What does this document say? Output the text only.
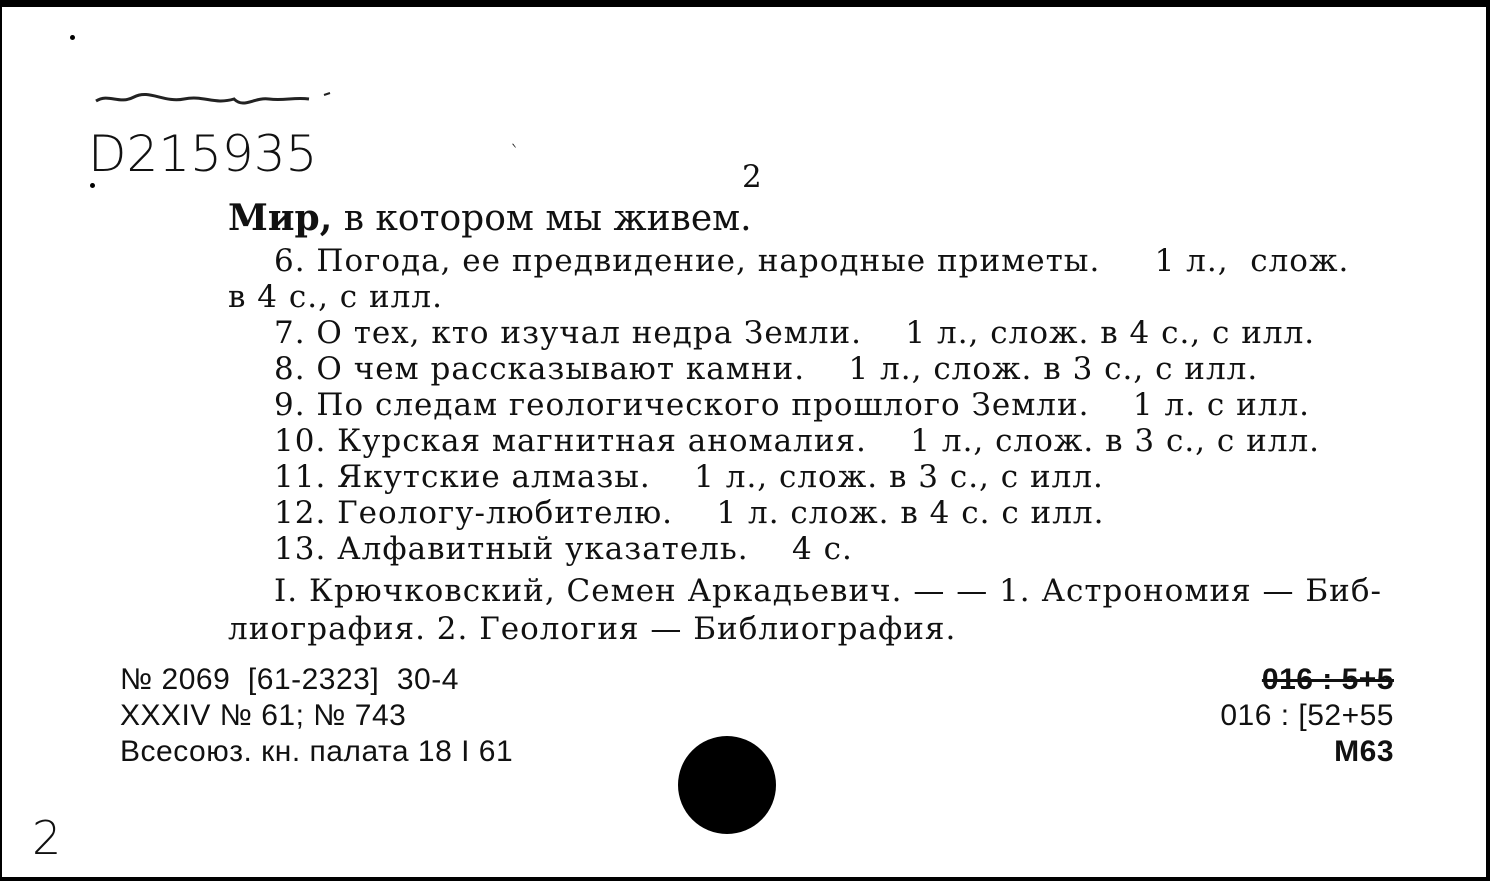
D215935	ˋ
2
Мир, в котором мы живем.
6. Погода, ее предвидение, народные приметы.     1 л.,  слож.
в 4 с., с илл.
7. О тех, кто изучал недра Земли.    1 л., слож. в 4 с., с илл.
8. О чем рассказывают камни.    1 л., слож. в 3 с., с илл.
9. По следам геологического прошлого Земли.    1 л. с илл.
10. Курская магнитная аномалия.    1 л., слож. в 3 с., с илл.
11. Якутские алмазы.    1 л., слож. в 3 с., с илл.
12. Геологу-любителю.    1 л. слож. в 4 с. с илл.
13. Алфавитный указатель.    4 с.
I. Крючковский, Семен Аркадьевич. — — 1. Астрономия — Биб-
лиография. 2. Геология — Библиография.
№ 2069  [61-2323]  30-4
XXXIV № 61; № 743
Всесоюз. кн. палата 18 I 61
016 : 5+5
016 : [52+55
М63
2
